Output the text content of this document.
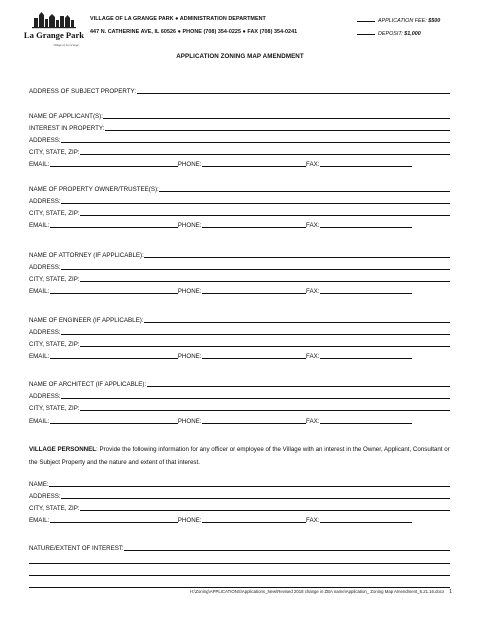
La Grange Park
Village of La Grange
VILLAGE OF LA GRANGE PARK ● ADMINISTRATION DEPARTMENT
447 N. CATHERINE AVE, IL 60526 ● PHONE (708) 354-0225 ● FAX (708) 354-0241
APPLICATION FEE: $500
DEPOSIT: $1,000
APPLICATION ZONING MAP AMENDMENT
ADDRESS OF SUBJECT PROPERTY:
NAME OF APPLICANT(S):
INTEREST IN PROPERTY:
ADDRESS:
CITY, STATE, ZIP:
EMAIL:	PHONE:	FAX:
NAME OF PROPERTY OWNER/TRUSTEE(S):
ADDRESS:
CITY, STATE, ZIP:
EMAIL:	PHONE:	FAX:
NAME OF ATTORNEY (IF APPLICABLE):
ADDRESS:
CITY, STATE, ZIP:
EMAIL:	PHONE:	FAX:
NAME OF ENGINEER (IF APPLICABLE):
ADDRESS:
CITY, STATE, ZIP:
EMAIL:	PHONE:	FAX:
NAME OF ARCHITECT (IF APPLICABLE):
ADDRESS:
CITY, STATE, ZIP:
EMAIL:	PHONE:	FAX:
VILLAGE PERSONNEL: Provide the following information for any officer or employee of the Village with an interest in the Owner, Applicant, Consultant or the Subject Property and the nature and extent of that interest.
NAME:
ADDRESS:
CITY, STATE, ZIP:
EMAIL:	PHONE:	FAX:
NATURE/EXTENT OF INTEREST:
H:\Zoning\APPLICATIONS\Applications_New\Revised 2018 change in ZBA name\Application_ Zoning Map Amendment_6.21.16.docx 1
